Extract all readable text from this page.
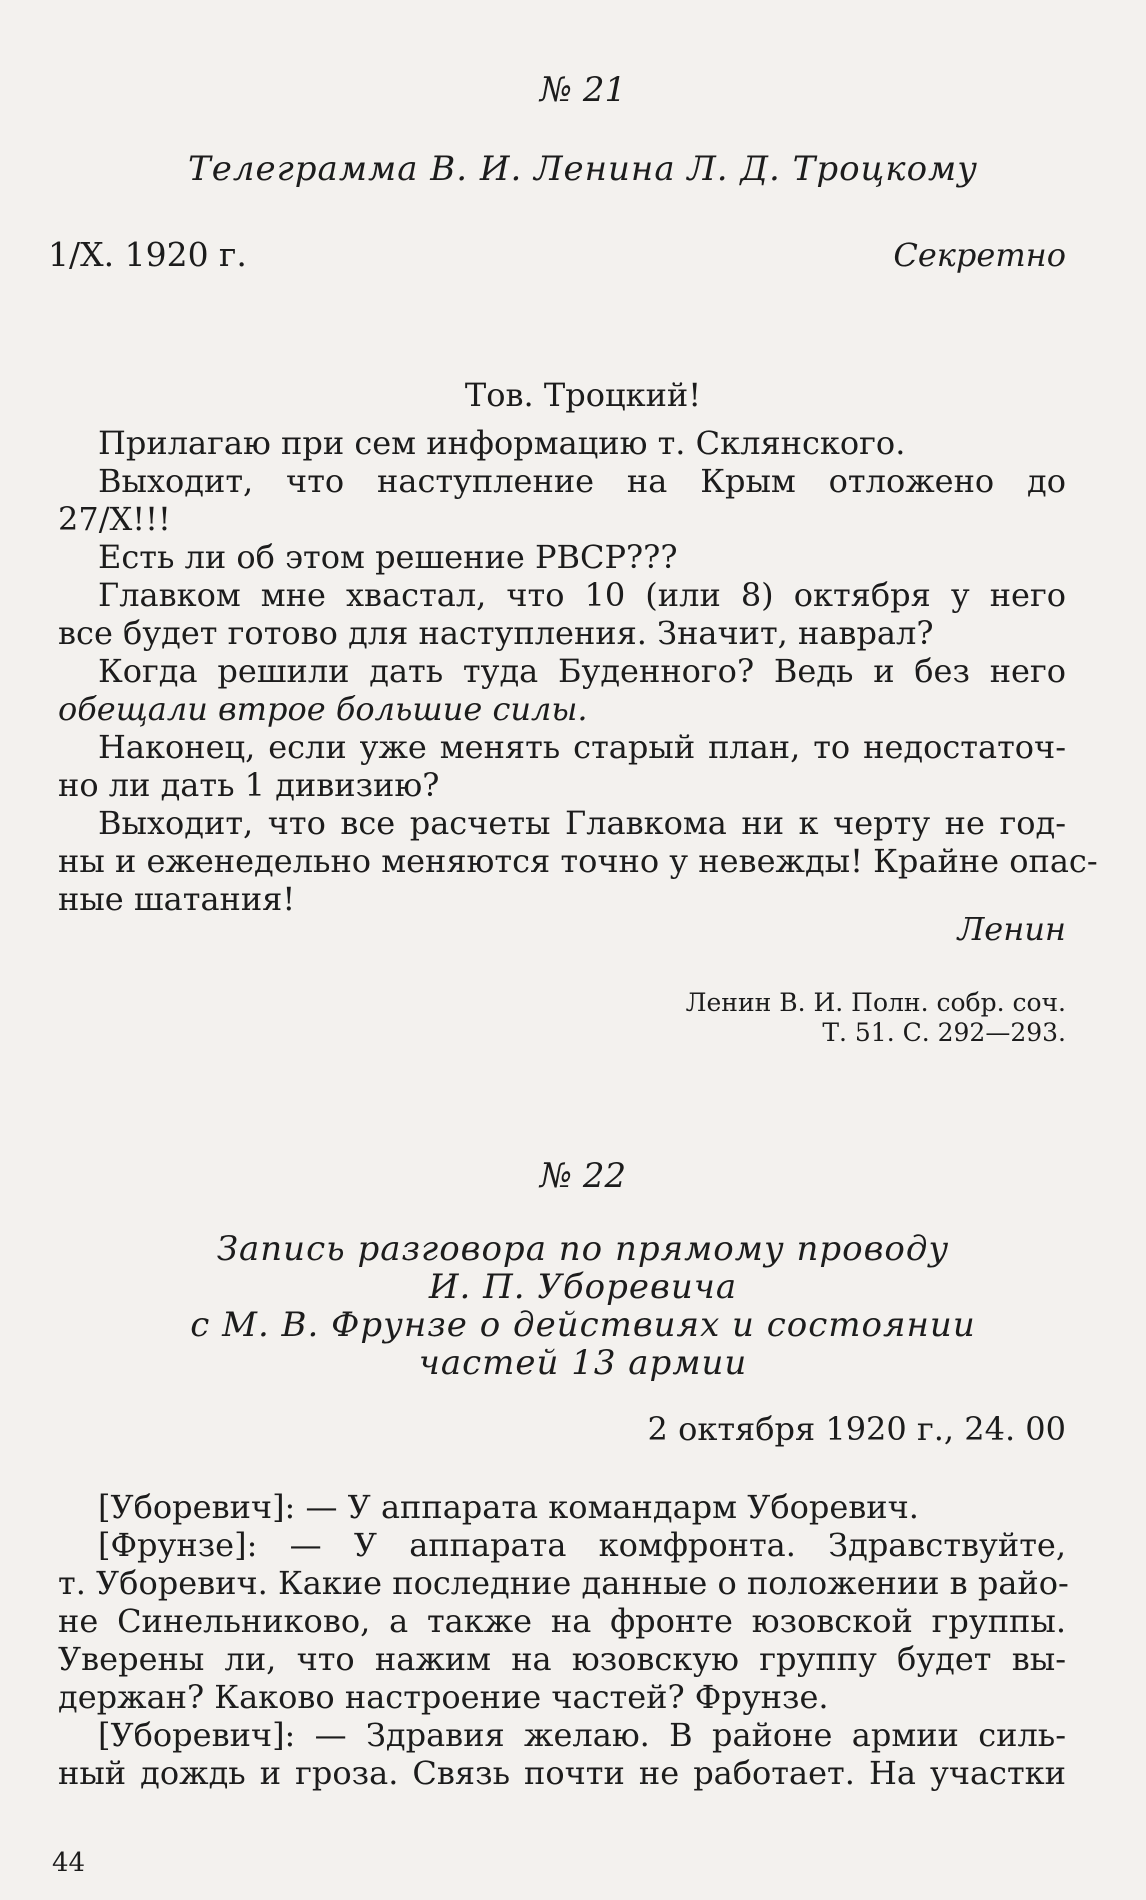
№ 21
Телеграмма В. И. Ленина Л. Д. Троцкому
1/X. 1920 г.	Секретно
Тов. Троцкий!
Прилагаю при сем информацию т. Склянского.
Выходит, что наступление на Крым отложено до
27/X!!!
Есть ли об этом решение РВСР???
Главком мне хвастал, что 10 (или 8) октября у него
все будет готово для наступления. Значит, наврал?
Когда решили дать туда Буденного? Ведь и без него
обещали втрое большие силы.
Наконец, если уже менять старый план, то недостаточ-
но ли дать 1 дивизию?
Выходит, что все расчеты Главкома ни к черту не год-
ны и еженедельно меняются точно у невежды! Крайне опас-
ные шатания!
Ленин
Ленин В. И. Полн. собр. соч.
Т. 51. С. 292—293.
№ 22
Запись разговора по прямому проводу
И. П. Уборевича
с М. В. Фрунзе о действиях и состоянии
частей 13 армии
2 октября 1920 г., 24. 00
[Уборевич]: — У аппарата командарм Уборевич.
[Фрунзе]: — У аппарата комфронта. Здравствуйте,
т. Уборевич. Какие последние данные о положении в райо-
не Синельниково, а также на фронте юзовской группы.
Уверены ли, что нажим на юзовскую группу будет вы-
держан? Каково настроение частей? Фрунзе.
[Уборевич]: — Здравия желаю. В районе армии силь-
ный дождь и гроза. Связь почти не работает. На участки
44
